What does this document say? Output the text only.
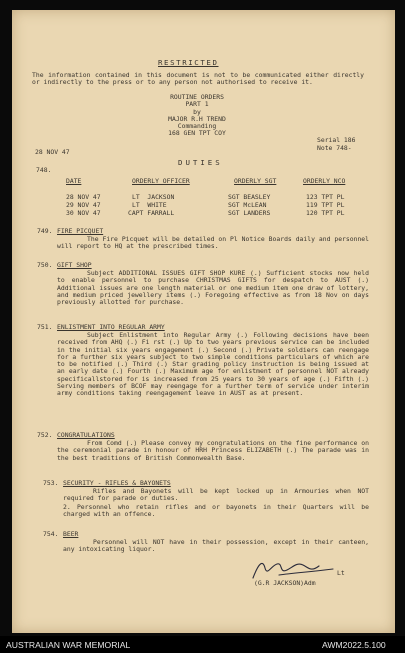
RESTRICTED
The information contained in this document is not to be communicated either directly or indirectly to the press or to any person not authorised to receive it.
ROUTINE ORDERS
PART 1
by
MAJOR R.H TREND
Commanding
168 GEN TPT COY
28 NOV 47
Serial 186
Note 748-
DUTIES
748.
DATE	ORDERLY OFFICER	ORDERLY SGT	ORDERLY NCO
28 NOV 47	LT  JACKSON	SGT BEASLEY	123 TPT PL
29 NOV 47	LT  WHITE	SGT McLEAN	119 TPT PL
30 NOV 47	CAPT FARRALL	SGT LANDERS	120 TPT PL
749. FIRE PICQUET
The Fire Picquet will be detailed on Pl Notice Boards daily and personnel will report to HQ at the prescribed times.
750. GIFT SHOP
Subject ADDITIONAL ISSUES GIFT SHOP KURE (.) Sufficient stocks now held to enable personnel to purchase CHRISTMAS GIFTS for despatch to AUST (.) Additional issues are one length material or one medium item one draw of lottery, and medium priced jewellery items (.) Foregoing effective as from 18 Nov on days previously allotted for purchase.
751. ENLISTMENT INTO REGULAR ARMY
Subject Enlistment into Regular Army (.) Following decisions have been received from AHQ (.) Fi rst (.) Up to two years previous service can be included in the initial six years engagement (.) Second (.) Private soldiers can reengage for a further six years subject to two simple conditions particulars of which are to be notified (.) Third (.) Star grading policy instruction is being issued at an early date (.) Fourth (.) Maximum age for enlistment of personnel NOT already specificallstored for is increased from 25 years to 30 years of age (.) Fifth (.) Serving members of BCOF may reengage for a further term of service under interim army conditions taking reengagement leave in AUST as at present.
752. CONGRATULATIONS
From Comd (.) Please convey my congratulations on the fine performance on the ceremonial parade in honour of HRH Princess ELIZABETH (.) The parade was in the best traditions of British Commonwealth Base.
753. SECURITY - RIFLES & BAYONETS
Rifles and Bayonets will be kept locked up in Armouries when NOT required for parade or duties.
2. Personnel who retain rifles and or bayonets in their Quarters will be charged with an offence.
754. BEER
Personnel will NOT have in their possession, except in their canteen, any intoxicating liquor.
Lt
(G.R JACKSON)Adm
AUSTRALIAN WAR MEMORIAL	AWM2022.5.100
